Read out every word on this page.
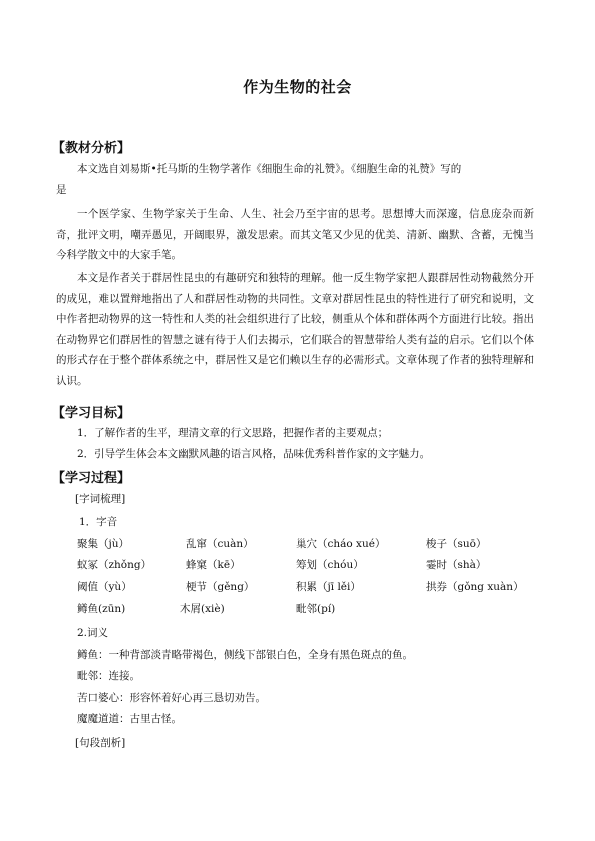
作为生物的社会
【教材分析】

本文选自刘易斯•托马斯的生物学著作《细胞生命的礼赞》。《细胞生命的礼赞》写的

是

一个医学家、生物学家关于生命、人生、社会乃至宇宙的思考。思想博大而深邃，信息庞杂而新奇，批评文明，嘲弄愚见，开阔眼界，激发思索。而其文笔又少见的优美、清新、幽默、含蓄，无愧当今科学散文中的大家手笔。

本文是作者关于群居性昆虫的有趣研究和独特的理解。他一反生物学家把人跟群居性动物截然分开的成见，难以置辩地指出了人和群居性动物的共同性。文章对群居性昆虫的特性进行了研究和说明，文中作者把动物界的这一特性和人类的社会组织进行了比较，侧重从个体和群体两个方面进行比较。指出在动物界它们群居性的智慧之谜有待于人们去揭示，它们联合的智慧带给人类有益的启示。它们以个体的形式存在于整个群体系统之中，群居性又是它们赖以生存的必需形式。文章体现了作者的独特理解和认识。

【学习目标】
1．了解作者的生平，理清文章的行文思路，把握作者的主要观点；
2．引导学生体会本文幽默风趣的语言风格，品味优秀科普作家的文字魅力。
【学习过程】
[字词梳理]
1．字音
聚集（jù）	乱窜（cuàn）	巢穴（cháo xué）	梭子（suō）
蚁冢（zhǒng）	蜂窠（kē）	筹划（chóu）	霎时（shà）
阈值（yù）	梗节（gěng）	积累（jī lěi）	拱券（gǒng xuàn）
鳟鱼(zūn)	木屑(xiè)	毗邻(pí)
2.词义
鳟鱼：一种背部淡青略带褐色，侧线下部银白色，全身有黑色斑点的鱼。
毗邻：连接。
苦口婆心：形容怀着好心再三恳切劝告。
魔魔道道：古里古怪。
[句段剖析]
